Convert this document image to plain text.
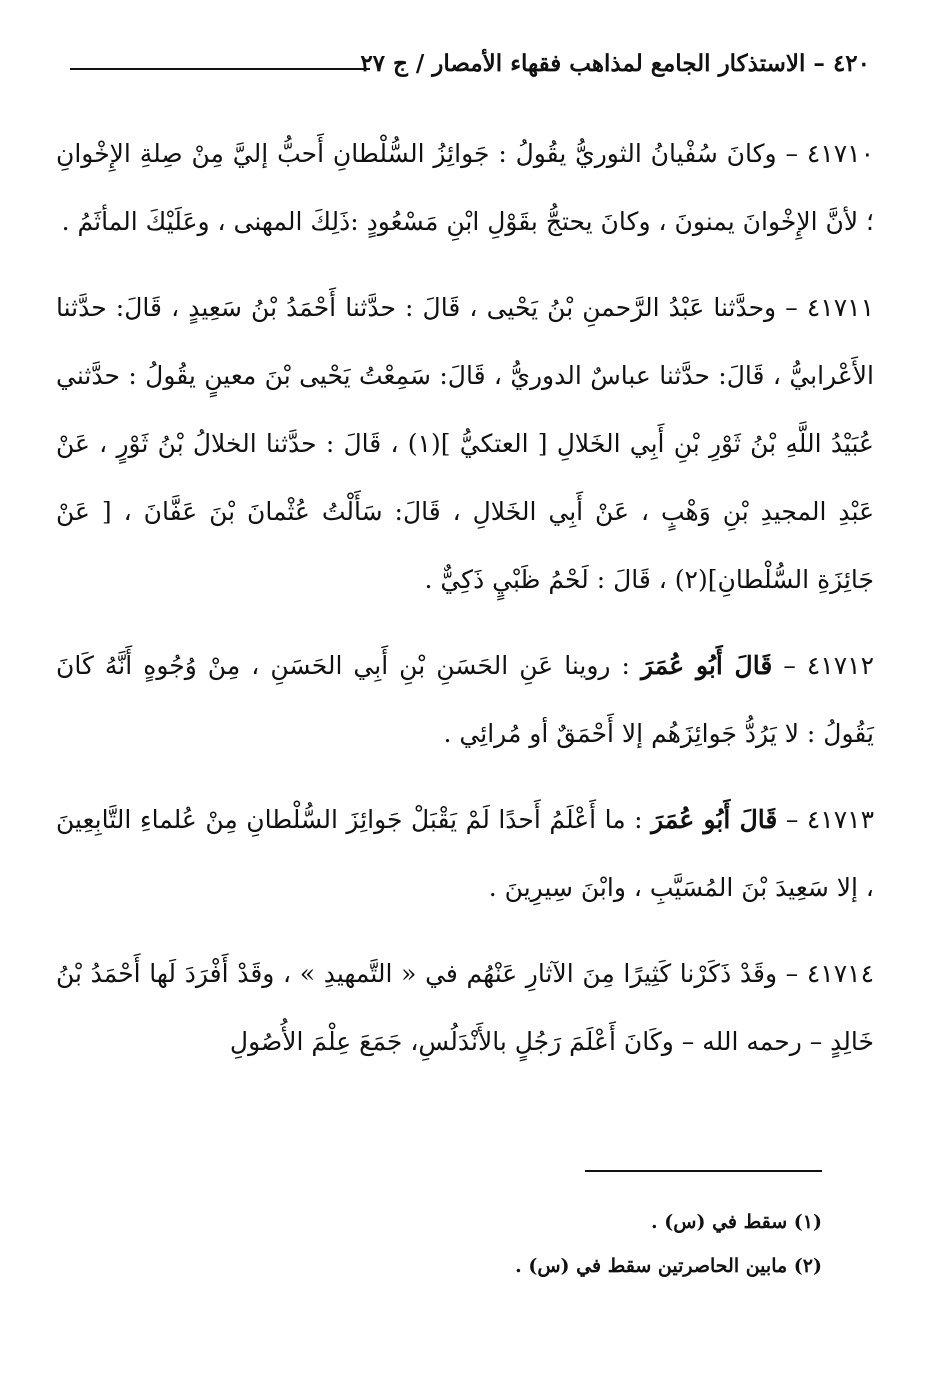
٤٢٠ – الاستذكار الجامع لمذاهب فقهاء الأمصار / ج ٢٧

٤١٧١٠ – وكانَ سُفْيانُ الثوريُّ يقُولُ : جَوائِزُ السُّلْطانِ أَحبُّ إليَّ مِنْ صِلةِ الإِخْوانِ ؛ لأنَّ الإِخْوانَ يمنونَ ، وكانَ يحتجُّ بقَوْلِ ابْنِ مَسْعُودٍ :ذَلِكَ المهنى ، وعَلَيْكَ المأثَمُ .

٤١٧١١ – وحدَّثنا عَبْدُ الرَّحمنِ بْنُ يَحْيى ، قَالَ : حدَّثنا أَحْمَدُ بْنُ سَعِيدٍ ، قَالَ: حدَّثنا الأَعْرابيُّ ، قَالَ: حدَّثنا عباسٌ الدوريُّ ، قَالَ: سَمِعْتُ يَحْيى بْنَ معينٍ يقُولُ : حدَّثني عُبَيْدُ اللَّهِ بْنُ ثَوْرِ بْنِ أَبِي الخَلالِ [ العتكيُّ ](١) ، قَالَ : حدَّثنا الخلالُ بْنُ ثَوْرٍ ، عَنْ عَبْدِ المجيدِ بْنِ وَهْبٍ ، عَنْ أَبِي الخَلالِ ، قَالَ: سَأَلْتُ عُثْمانَ بْنَ عَفَّانَ ، [ عَنْ جَائِزَةِ السُّلْطانِ](٢) ، قَالَ : لَحْمُ ظَبْيٍ ذَكِيٌّ .

٤١٧١٢ – قَالَ أَبُو عُمَرَ : روينا عَنِ الحَسَنِ بْنِ أَبِي الحَسَنِ ، مِنْ وُجُوهٍ أَنَّهُ كَانَ يَقُولُ : لا يَرُدُّ جَوائِزَهُم إلا أَحْمَقٌ أو مُرائِي .

٤١٧١٣ – قَالَ أَبُو عُمَرَ : ما أَعْلَمُ أَحدًا لَمْ يَقْبَلْ جَوائِزَ السُّلْطانِ مِنْ عُلماءِ التَّابِعِينَ ، إلا سَعِيدَ بْنَ المُسَيَّبِ ، وابْنَ سِيرِينَ .

٤١٧١٤ – وقَدْ ذَكَرْنا كَثِيرًا مِنَ الآثارِ عَنْهُم في « التَّمهيدِ » ، وقَدْ أَفْرَدَ لَها أَحْمَدُ بْنُ خَالِدٍ – رحمه الله – وكَانَ أَعْلَمَ رَجُلٍ بالأَنْدَلُسِ، جَمَعَ عِلْمَ الأُصُولِ

(١) سقط في (س) .

(٢) مابين الحاصرتين سقط في (س) .
